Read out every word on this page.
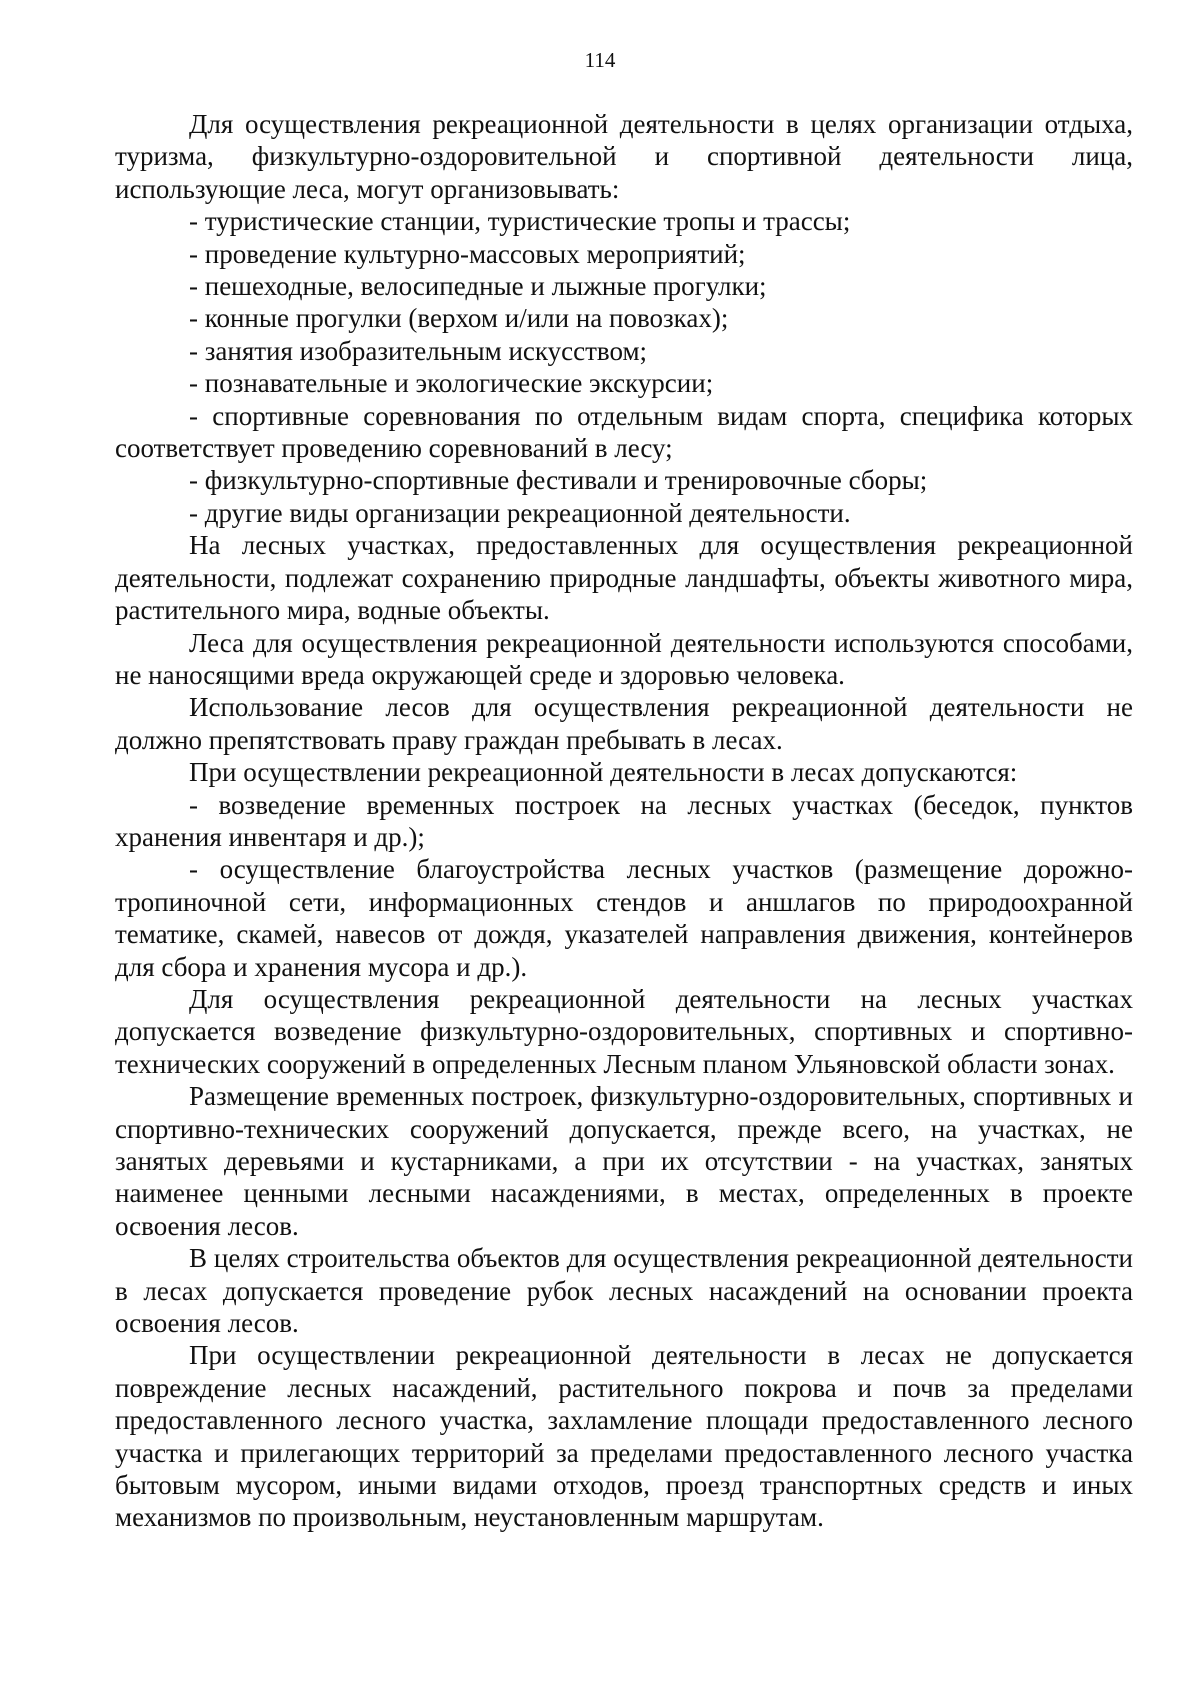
114

Для осуществления рекреационной деятельности в целях организации отдыха, туризма, физкультурно-оздоровительной и спортивной деятельности лица, использующие леса, могут организовывать:

- туристические станции, туристические тропы и трассы;

- проведение культурно-массовых мероприятий;

- пешеходные, велосипедные и лыжные прогулки;

- конные прогулки (верхом и/или на повозках);

- занятия изобразительным искусством;

- познавательные и экологические экскурсии;

- спортивные соревнования по отдельным видам спорта, специфика которых соответствует проведению соревнований в лесу;

- физкультурно-спортивные фестивали и тренировочные сборы;

- другие виды организации рекреационной деятельности.

На лесных участках, предоставленных для осуществления рекреационной деятельности, подлежат сохранению природные ландшафты, объекты животного мира, растительного мира, водные объекты.

Леса для осуществления рекреационной деятельности используются способами, не наносящими вреда окружающей среде и здоровью человека.

Использование лесов для осуществления рекреационной деятельности не должно препятствовать праву граждан пребывать в лесах.

При осуществлении рекреационной деятельности в лесах допускаются:

- возведение временных построек на лесных участках (беседок, пунктов хранения инвентаря и др.);

- осуществление благоустройства лесных участков (размещение дорожно-тропиночной сети, информационных стендов и аншлагов по природоохранной тематике, скамей, навесов от дождя, указателей направления движения, контейнеров для сбора и хранения мусора и др.).

Для осуществления рекреационной деятельности на лесных участках допускается возведение физкультурно-оздоровительных, спортивных и спортивно-технических сооружений в определенных Лесным планом Ульяновской области зонах.

Размещение временных построек, физкультурно-оздоровительных, спортивных и спортивно-технических сооружений допускается, прежде всего, на участках, не занятых деревьями и кустарниками, а при их отсутствии - на участках, занятых наименее ценными лесными насаждениями, в местах, определенных в проекте освоения лесов.

В целях строительства объектов для осуществления рекреационной деятельности в лесах допускается проведение рубок лесных насаждений на основании проекта освоения лесов.

При осуществлении рекреационной деятельности в лесах не допускается повреждение лесных насаждений, растительного покрова и почв за пределами предоставленного лесного участка, захламление площади предоставленного лесного участка и прилегающих территорий за пределами предоставленного лесного участка бытовым мусором, иными видами отходов, проезд транспортных средств и иных механизмов по произвольным, неустановленным маршрутам.
